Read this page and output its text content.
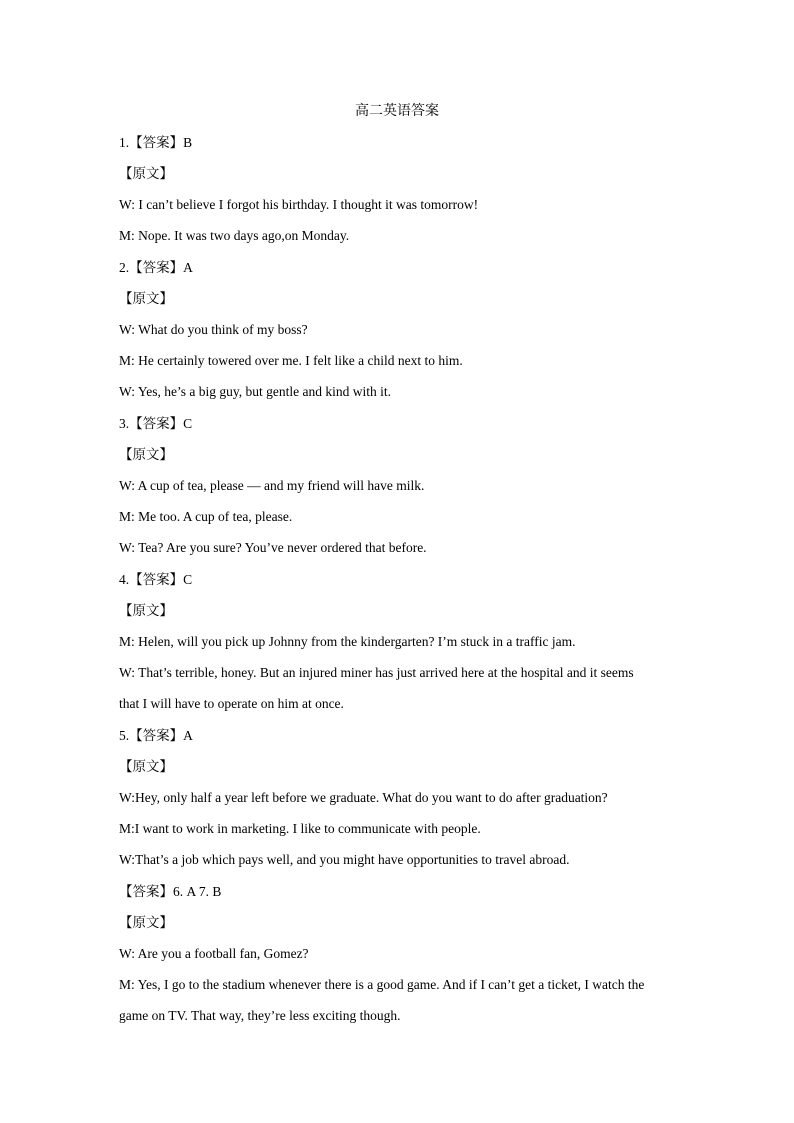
高二英语答案
1.【答案】B
【原文】
W: I can’t believe I forgot his birthday. I thought it was tomorrow!
M: Nope. It was two days ago,on Monday.
2.【答案】A
【原文】
W: What do you think of my boss?
M: He certainly towered over me. I felt like a child next to him.
W: Yes, he’s a big guy, but gentle and kind with it.
3.【答案】C
【原文】
W: A cup of tea, please — and my friend will have milk.
M: Me too. A cup of tea, please.
W: Tea? Are you sure? You’ve never ordered that before.
4.【答案】C
【原文】
M: Helen, will you pick up Johnny from the kindergarten? I’m stuck in a traffic jam.
W: That’s terrible, honey. But an injured miner has just arrived here at the hospital and it seems
that I will have to operate on him at once.
5.【答案】A
【原文】
W:Hey, only half a year left before we graduate. What do you want to do after graduation?
M:I want to work in marketing. I like to communicate with people.
W:That’s a job which pays well, and you might have opportunities to travel abroad.
【答案】6. A 7. B
【原文】
W: Are you a football fan, Gomez?
M: Yes, I go to the stadium whenever there is a good game. And if I can’t get a ticket, I watch the
game on TV. That way, they’re less exciting though.
